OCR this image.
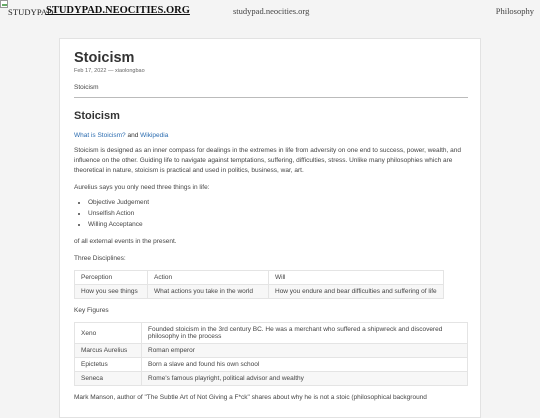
STUDYPAD
STUDYPAD.NEOCITIES.ORG	studypad.neocities.org	Philosophy
Stoicism
Feb 17, 2022 — xiaolongbao
Stoicism
Stoicism
What is Stoicism? and Wikipedia

Stoicism is designed as an inner compass for dealings in the extremes in life from adversity on one end to success, power, wealth, and influence on the other. Guiding life to navigate against temptations, suffering, difficulties, stress. Unlike many philosophies which are theoretical in nature, stoicism is practical and used in politics, business, war, art.

Aurelius says you only need three things in life:

• Objective Judgement
• Unselfish Action
• Willing Acceptance

of all external events in the present.

Three Disciplines:

Perception	Action	Will
How you see things	What actions you take in the world	How you endure and bear difficulties and suffering of life

Key Figures

Xeno	Founded stoicism in the 3rd century BC. He was a merchant who suffered a shipwreck and discovered philosophy in the process
Marcus Aurelius	Roman emperor
Epictetus	Born a slave and found his own school
Seneca	Rome's famous playright, political advisor and wealthy

Mark Manson, author of "The Subtle Art of Not Giving a F*ck" shares about why he is not a stoic (philosophical background
